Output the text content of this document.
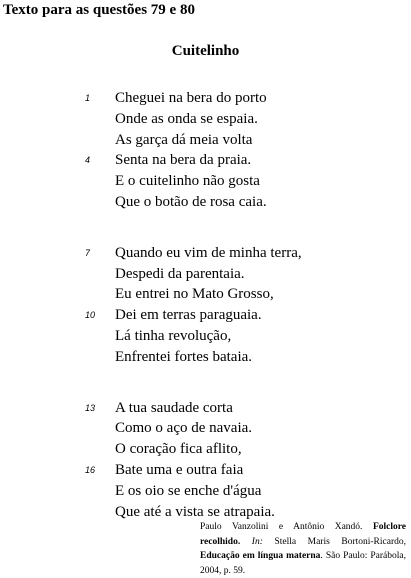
Texto para as questões 79 e 80
Cuitelinho
1	Cheguei na bera do porto
Onde as onda se espaia.
As garça dá meia volta
4	Senta na bera da praia.
E o cuitelinho não gosta
Que o botão de rosa caia.
7	Quando eu vim de minha terra,
Despedi da parentaia.
Eu entrei no Mato Grosso,
10 Dei em terras paraguaia.
Lá tinha revolução,
Enfrentei fortes bataia.
13 A tua saudade corta
Como o aço de navaia.
O coração fica aflito,
16 Bate uma e outra faia
E os oio se enche d'água
Que até a vista se atrapaia.
Paulo Vanzolini e Antônio Xandó. Folclore recolhido. In: Stella Maris Bortoni-Ricardo, Educação em língua materna. São Paulo: Parábola, 2004, p. 59.
